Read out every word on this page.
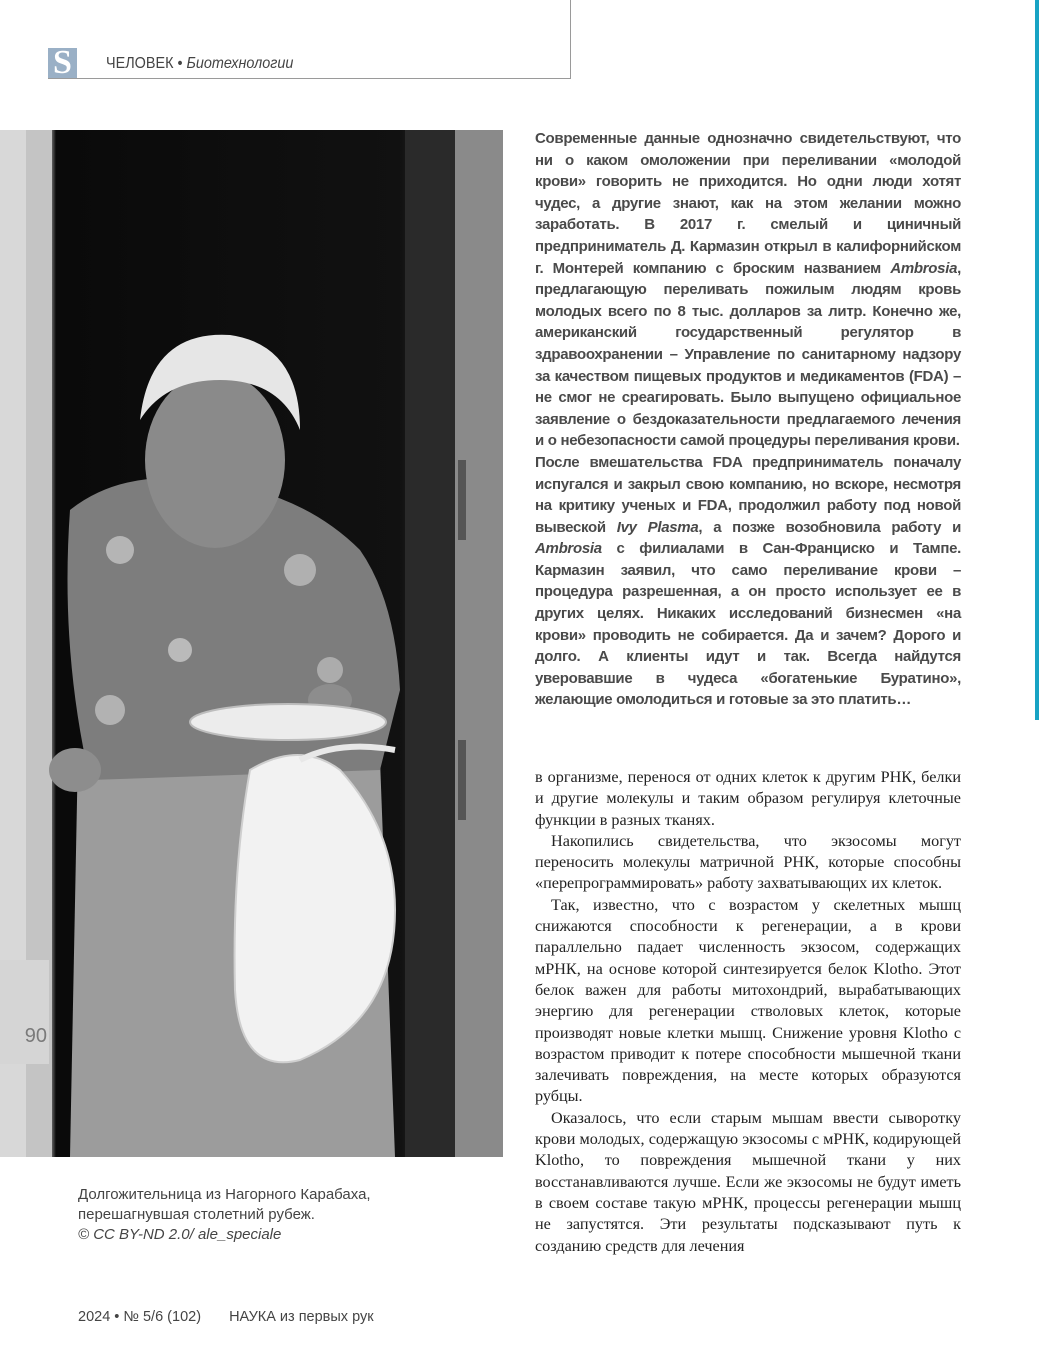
S	ЧЕЛОВЕК • Биотехнологии
90

Современные данные однозначно свидетельствуют, что ни о каком омоложении при переливании «молодой крови» говорить не приходится. Но одни люди хотят чудес, а другие знают, как на этом желании можно заработать. В 2017 г. смелый и циничный предприниматель Д. Кармазин открыл в калифорнийском г. Монтерей компанию с броским названием Ambrosia, предлагающую переливать пожилым людям кровь молодых всего по 8 тыс. долларов за литр. Конечно же, американский государственный регулятор в здравоохранении – Управление по санитарному надзору за качеством пищевых продуктов и медикаментов (FDA) – не смог не среагировать. Было выпущено официальное заявление о бездоказательности предлагаемого лечения и о небезопасности самой процедуры переливания крови.

После вмешательства FDA предприниматель поначалу испугался и закрыл свою компанию, но вскоре, несмотря на критику ученых и FDA, продолжил работу под новой вывеской Ivy Plasma, а позже возобновила работу и Ambrosia с филиалами в Сан-Франциско и Тампе. Кармазин заявил, что само переливание крови – процедура разрешенная, а он просто использует ее в других целях. Никаких исследований бизнесмен «на крови» проводить не собирается. Да и зачем? Дорого и долго. А клиенты идут и так. Всегда найдутся уверовавшие в чудеса «богатенькие Буратино», желающие омолодиться и готовые за это платить…

в организме, перенося от одних клеток к другим РНК, белки и другие молекулы и таким образом регулируя клеточные функции в разных тканях.

Накопились свидетельства, что экзосомы могут переносить молекулы матричной РНК, которые способны «перепрограммировать» работу захватывающих их клеток.

Так, известно, что с возрастом у скелетных мышц снижаются способности к регенерации, а в крови параллельно падает численность экзосом, содержащих мРНК, на основе которой синтезируется белок Klotho. Этот белок важен для работы митохондрий, вырабатывающих энергию для регенерации стволовых клеток, которые производят новые клетки мышц. Снижение уровня Klotho с возрастом приводит к потере способности мышечной ткани залечивать повреждения, на месте которых образуются рубцы.

Оказалось, что если старым мышам ввести сыворотку крови молодых, содержащую экзосомы с мРНК, кодирующей Klotho, то повреждения мышечной ткани у них восстанавливаются лучше. Если же экзосомы не будут иметь в своем составе такую мРНК, процессы регенерации мышц не запустятся. Эти результаты подсказывают путь к созданию средств для лечения

Долгожительница из Нагорного Карабаха,
перешагнувшая столетний рубеж.
© CC BY-ND 2.0/ ale_speciale
2024 • № 5/6 (102) НАУКА из первых рук
